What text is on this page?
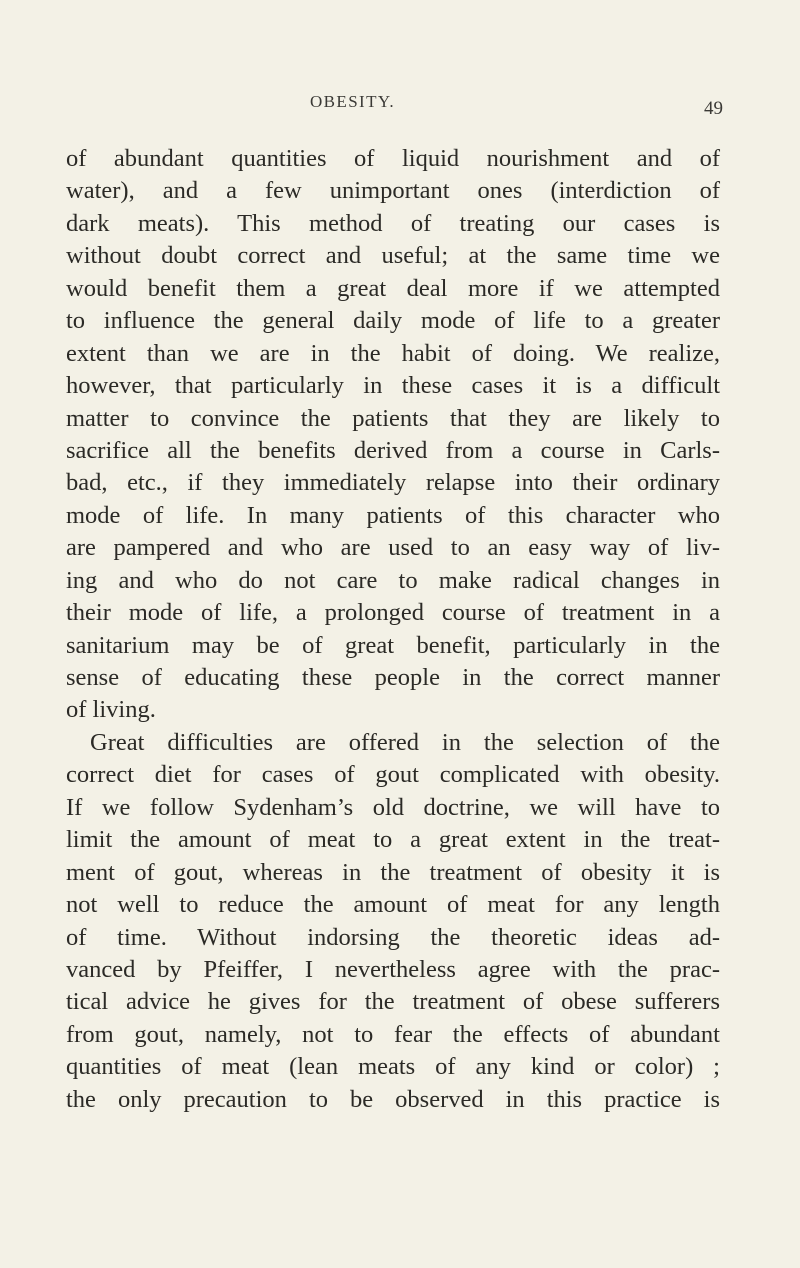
OBESITY.	49
of abundant quantities of liquid nourishment and of
water), and a few unimportant ones (interdiction of
dark meats). This method of treating our cases is
without doubt correct and useful; at the same time we
would benefit them a great deal more if we attempted
to influence the general daily mode of life to a greater
extent than we are in the habit of doing. We realize,
however, that particularly in these cases it is a difficult
matter to convince the patients that they are likely to
sacrifice all the benefits derived from a course in Carls-
bad, etc., if they immediately relapse into their ordinary
mode of life. In many patients of this character who
are pampered and who are used to an easy way of liv-
ing and who do not care to make radical changes in
their mode of life, a prolonged course of treatment in a
sanitarium may be of great benefit, particularly in the
sense of educating these people in the correct manner
of living.
Great difficulties are offered in the selection of the
correct diet for cases of gout complicated with obesity.
If we follow Sydenham’s old doctrine, we will have to
limit the amount of meat to a great extent in the treat-
ment of gout, whereas in the treatment of obesity it is
not well to reduce the amount of meat for any length
of time. Without indorsing the theoretic ideas ad-
vanced by Pfeiffer, I nevertheless agree with the prac-
tical advice he gives for the treatment of obese sufferers
from gout, namely, not to fear the effects of abundant
quantities of meat (lean meats of any kind or color) ;
the only precaution to be observed in this practice is
